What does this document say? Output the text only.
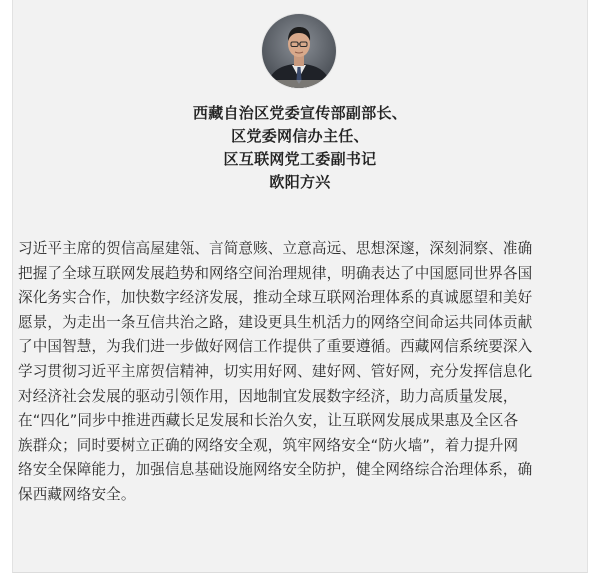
西藏自治区党委宣传部副部长、
区党委网信办主任、
区互联网党工委副书记
欧阳方兴
习近平主席的贺信高屋建瓴、言简意赅、立意高远、思想深邃，深刻洞察、准确
把握了全球互联网发展趋势和网络空间治理规律，明确表达了中国愿同世界各国
深化务实合作，加快数字经济发展，推动全球互联网治理体系的真诚愿望和美好
愿景，为走出一条互信共治之路，建设更具生机活力的网络空间命运共同体贡献
了中国智慧，为我们进一步做好网信工作提供了重要遵循。西藏网信系统要深入
学习贯彻习近平主席贺信精神，切实用好网、建好网、管好网，充分发挥信息化
对经济社会发展的驱动引领作用，因地制宜发展数字经济，助力高质量发展，
在“四化”同步中推进西藏长足发展和长治久安，让互联网发展成果惠及全区各
族群众；同时要树立正确的网络安全观，筑牢网络安全“防火墙”，着力提升网
络安全保障能力，加强信息基础设施网络安全防护，健全网络综合治理体系，确
保西藏网络安全。
